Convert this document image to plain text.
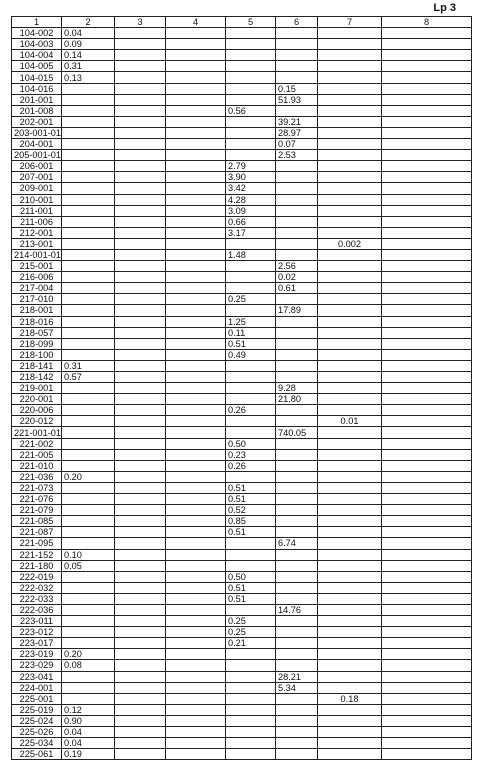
Lp 3
1	2	3	4	5	6	7	8
104-002	0.04						
104-003	0.09						
104-004	0.14						
104-005	0.31						
104-015	0.13						
104-016					0.15		
201-001					51.93		
201-008				0.56			
202-001					39.21		
203-001-01					28.97		
204-001					0.07		
205-001-01					2.53		
206-001				2.79			
207-001				3.90			
209-001				3.42			
210-001				4.28			
211-001				3.09			
211-006				0.66			
212-001				3.17			
213-001						0.002	
214-001-01				1.48			
215-001					2.56		
216-006					0.02		
217-004					0.61		
217-010				0.25			
218-001					17.89		
218-016				1.25			
218-057				0.11			
218-099				0.51			
218-100				0.49			
218-141	0.31						
218-142	0.57						
219-001					9.28		
220-001					21.80		
220-006				0.26			
220-012						0.01	
221-001-01					740.05		
221-002				0.50			
221-005				0.23			
221-010				0.26			
221-036	0.20						
221-073				0.51			
221-076				0.51			
221-079				0.52			
221-085				0.85			
221-087				0.51			
221-095					6.74		
221-152	0.10						
221-180	0.05						
222-019				0.50			
222-032				0.51			
222-033				0.51			
222-036					14.76		
223-011				0.25			
223-012				0.25			
223-017				0.21			
223-019	0.20						
223-029	0.08						
223-041					28.21		
224-001					5.34		
225-001						0.18	
225-019	0.12						
225-024	0.90						
225-026	0.04						
225-034	0.04						
225-061	0.19						
